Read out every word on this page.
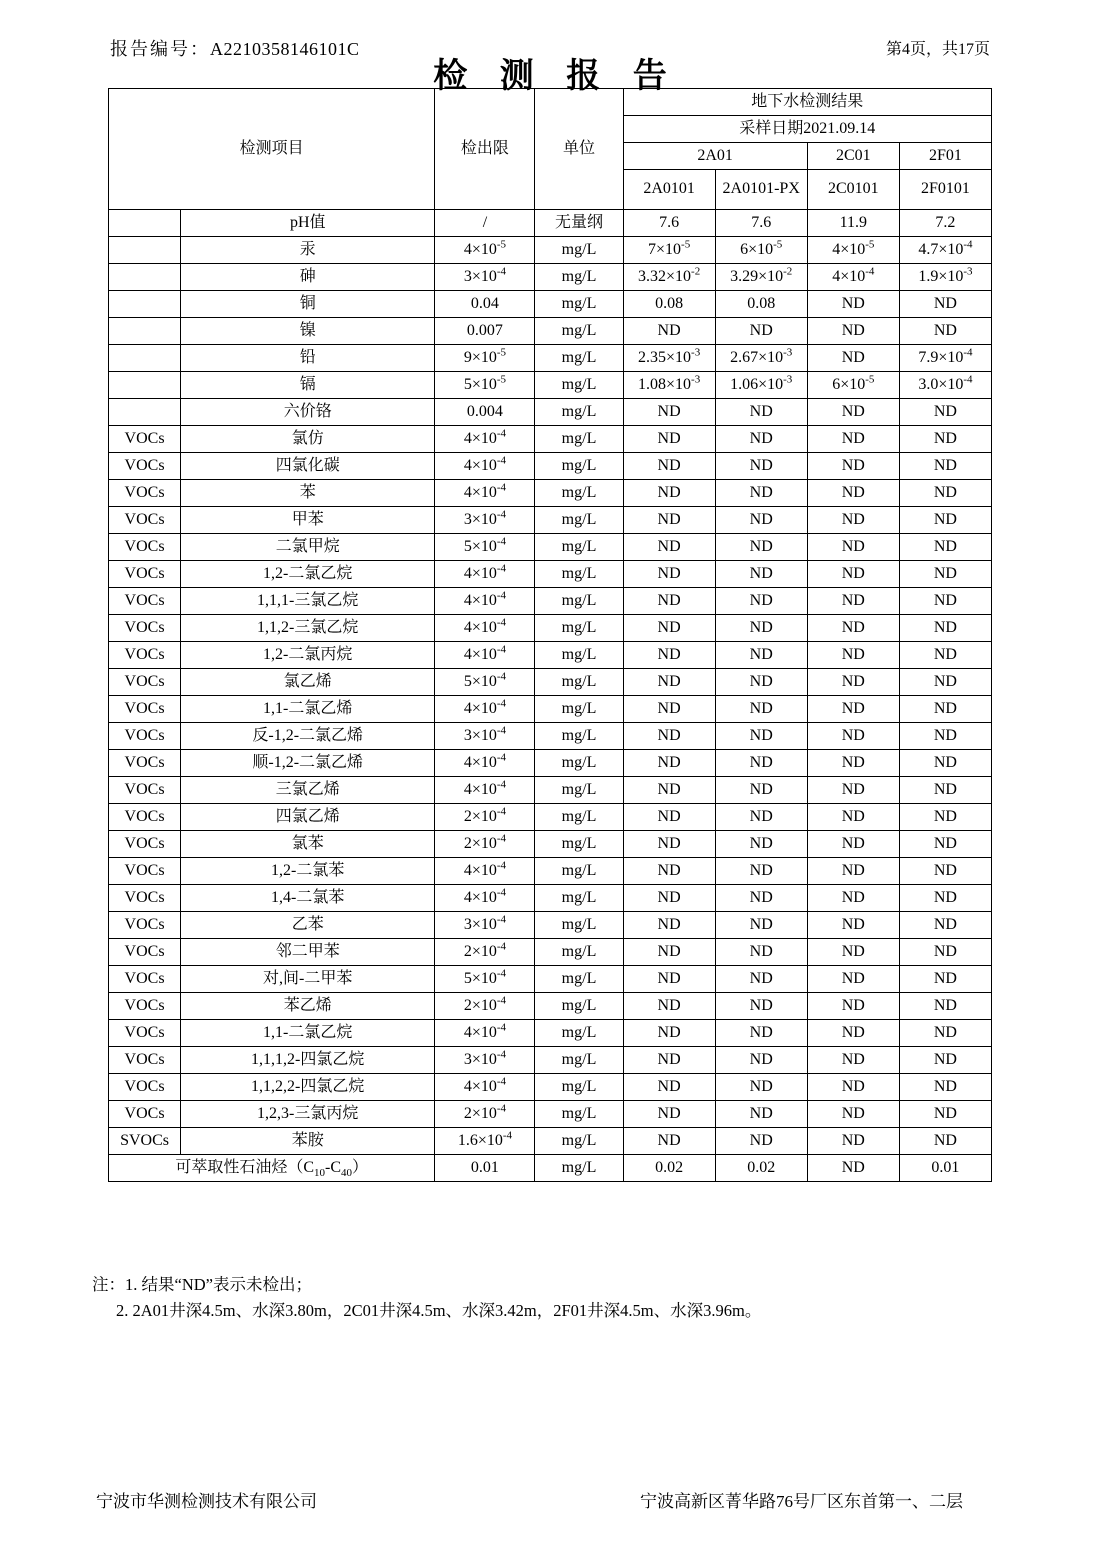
报告编号：A2210358146101C
检 测 报 告
第4页，共17页
检测项目		检出限	单位	地下水检测结果			
				采样日期2021.09.14			
				2A01		2C01	2F01
				2A0101	2A0101-PX	2C0101	2F0101
	pH值	/	无量纲	7.6	7.6	11.9	7.2
	汞	$4\times 10^{-5}$	mg/L	$7\times 10^{-5}$	$6\times 10^{-5}$	$4\times 10^{-5}$	$4.7\times 10^{-4}$
	砷	$3\times 10^{-4}$	mg/L	$3.32\times 10^{-2}$	$3.29\times 10^{-2}$	$4\times 10^{-4}$	$1.9\times 10^{-3}$
	铜	0.04	mg/L	0.08	0.08	ND	ND
	镍	0.007	mg/L	ND	ND	ND	ND
	铅	$9\times 10^{-5}$	mg/L	$2.35\times 10^{-3}$	$2.67\times 10^{-3}$	ND	$7.9\times 10^{-4}$
	镉	$5\times 10^{-5}$	mg/L	$1.08\times 10^{-3}$	$1.06\times 10^{-3}$	$6\times 10^{-5}$	$3.0\times 10^{-4}$
	六价铬	0.004	mg/L	ND	ND	ND	ND
VOCs	氯仿	$4\times 10^{-4}$	mg/L	ND	ND	ND	ND
VOCs	四氯化碳	$4\times 10^{-4}$	mg/L	ND	ND	ND	ND
VOCs	苯	$4\times 10^{-4}$	mg/L	ND	ND	ND	ND
VOCs	甲苯	$3\times 10^{-4}$	mg/L	ND	ND	ND	ND
VOCs	二氯甲烷	$5\times 10^{-4}$	mg/L	ND	ND	ND	ND
VOCs	1,2-二氯乙烷	$4\times 10^{-4}$	mg/L	ND	ND	ND	ND
VOCs	1,1,1-三氯乙烷	$4\times 10^{-4}$	mg/L	ND	ND	ND	ND
VOCs	1,1,2-三氯乙烷	$4\times 10^{-4}$	mg/L	ND	ND	ND	ND
VOCs	1,2-二氯丙烷	$4\times 10^{-4}$	mg/L	ND	ND	ND	ND
VOCs	氯乙烯	$5\times 10^{-4}$	mg/L	ND	ND	ND	ND
VOCs	1,1-二氯乙烯	$4\times 10^{-4}$	mg/L	ND	ND	ND	ND
VOCs	反-1,2-二氯乙烯	$3\times 10^{-4}$	mg/L	ND	ND	ND	ND
VOCs	顺-1,2-二氯乙烯	$4\times 10^{-4}$	mg/L	ND	ND	ND	ND
VOCs	三氯乙烯	$4\times 10^{-4}$	mg/L	ND	ND	ND	ND
VOCs	四氯乙烯	$2\times 10^{-4}$	mg/L	ND	ND	ND	ND
VOCs	氯苯	$2\times 10^{-4}$	mg/L	ND	ND	ND	ND
VOCs	1,2-二氯苯	$4\times 10^{-4}$	mg/L	ND	ND	ND	ND
VOCs	1,4-二氯苯	$4\times 10^{-4}$	mg/L	ND	ND	ND	ND
VOCs	乙苯	$3\times 10^{-4}$	mg/L	ND	ND	ND	ND
VOCs	邻二甲苯	$2\times 10^{-4}$	mg/L	ND	ND	ND	ND
VOCs	对,间-二甲苯	$5\times 10^{-4}$	mg/L	ND	ND	ND	ND
VOCs	苯乙烯	$2\times 10^{-4}$	mg/L	ND	ND	ND	ND
VOCs	1,1-二氯乙烷	$4\times 10^{-4}$	mg/L	ND	ND	ND	ND
VOCs	1,1,1,2-四氯乙烷	$3\times 10^{-4}$	mg/L	ND	ND	ND	ND
VOCs	1,1,2,2-四氯乙烷	$4\times 10^{-4}$	mg/L	ND	ND	ND	ND
VOCs	1,2,3-三氯丙烷	$2\times 10^{-4}$	mg/L	ND	ND	ND	ND
SVOCs	苯胺	$1.6\times 10^{-4}$	mg/L	ND	ND	ND	ND
可萃取性石油烃$(C_{10}-C_{40})$		0.01	mg/L	0.02	0.02	ND	0.01
注：1. 结果“ND”表示未检出；
2. 2A01井深4.5m、水深3.80m，2C01井深4.5m、水深3.42m，2F01井深4.5m、水深3.96m。
宁波市华测检测技术有限公司	宁波高新区菁华路76号厂区东首第一、二层
